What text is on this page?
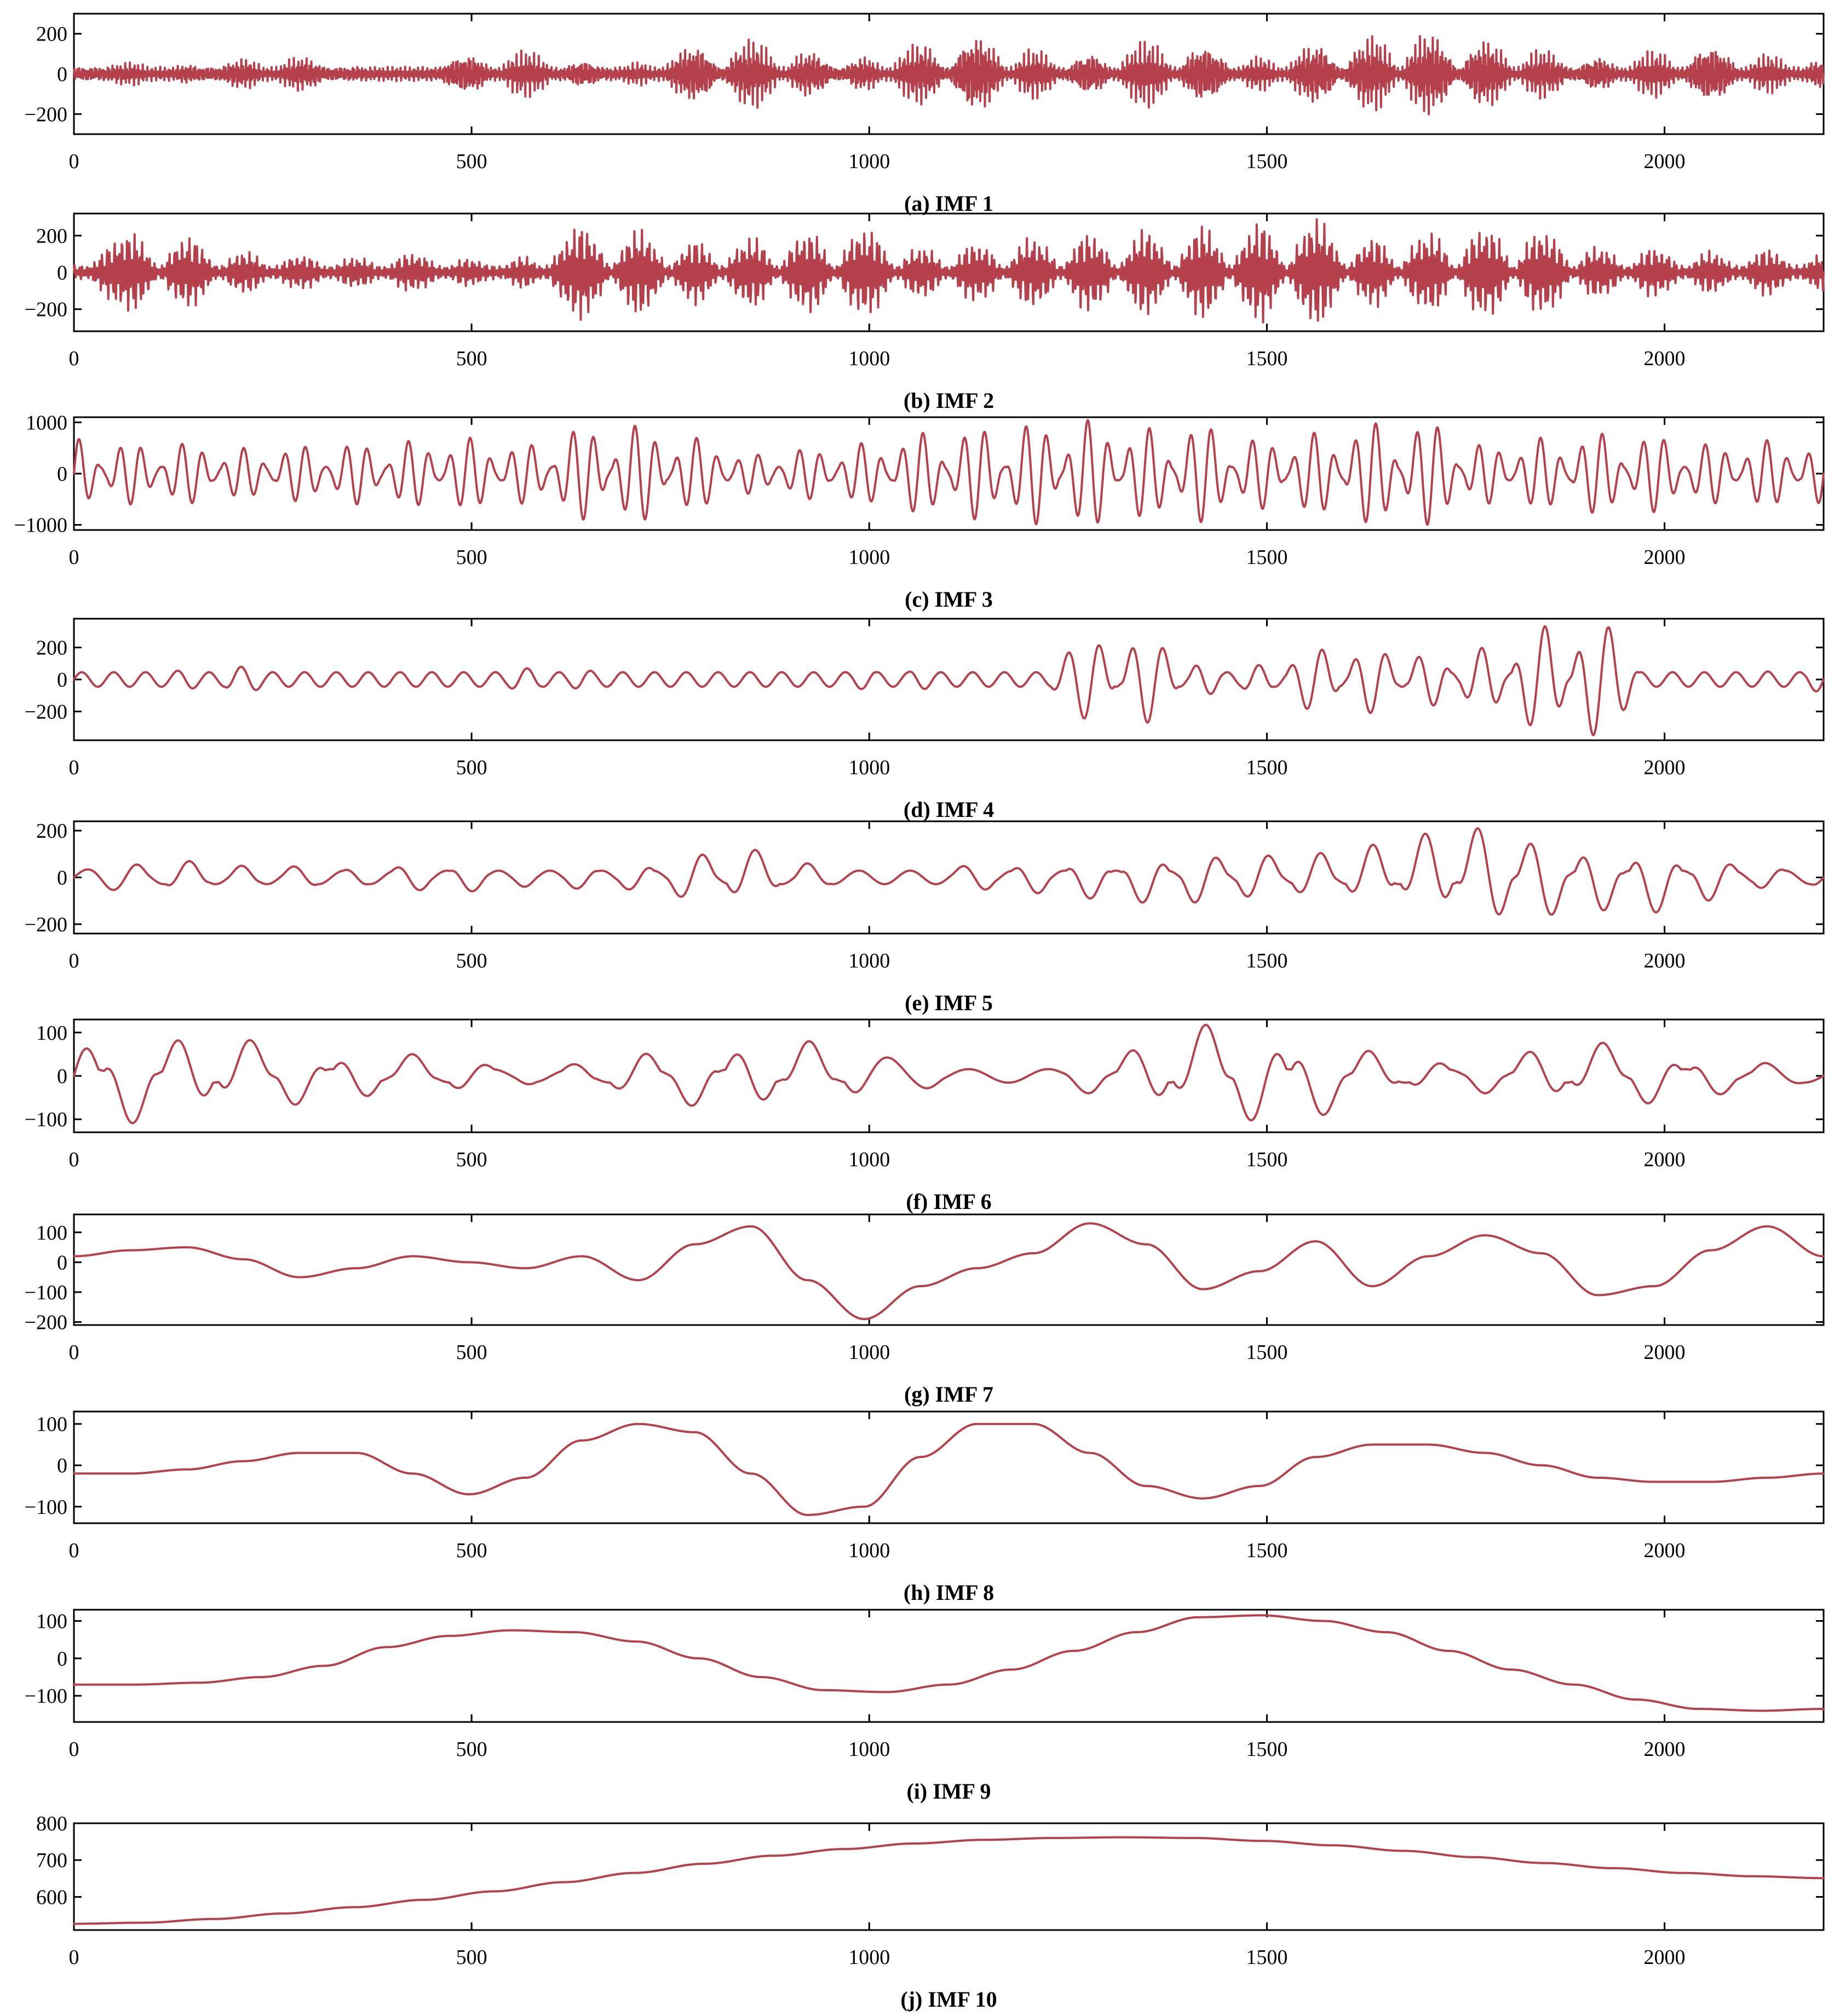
0	500	1000	1500	2000
200
0
−200
(a) IMF 1
0	500	1000	1500	2000
200
0
−200
(b) IMF 2
0	500	1000	1500	2000
1000
0
−1000
(c) IMF 3
0	500	1000	1500	2000
200
0
−200
(d) IMF 4
0	500	1000	1500	2000
200
0
−200
(e) IMF 5
0	500	1000	1500	2000
100
0
−100
(f) IMF 6
0	500	1000	1500	2000
100
0
−100
−200
(g) IMF 7
0	500	1000	1500	2000
100
0
−100
(h) IMF 8
0	500	1000	1500	2000
100
0
−100
(i) IMF 9
0	500	1000	1500	2000
800
700
600
(j) IMF 10
